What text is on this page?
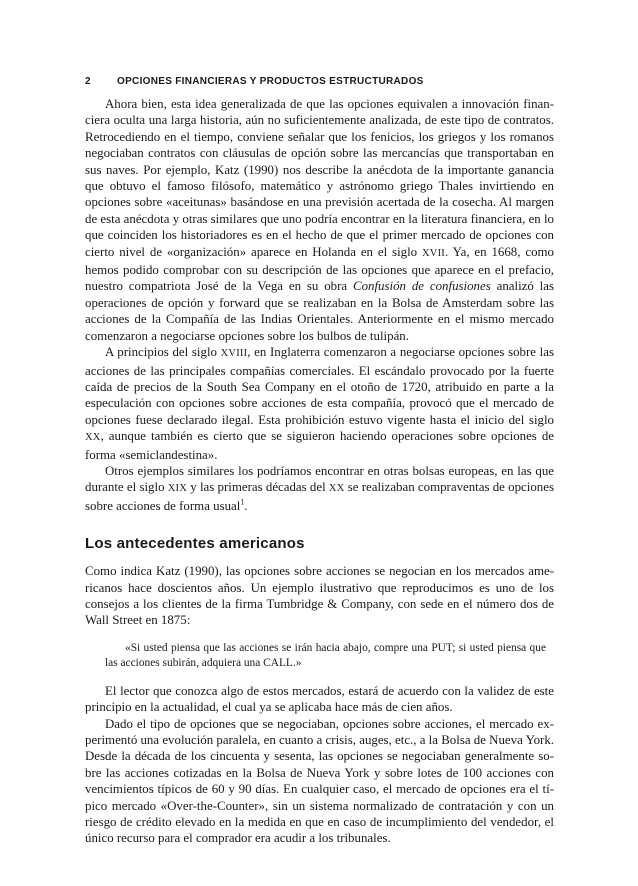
2	OPCIONES FINANCIERAS Y PRODUCTOS ESTRUCTURADOS

Ahora bien, esta idea generalizada de que las opciones equivalen a innovación financiera oculta una larga historia, aún no suficientemente analizada, de este tipo de contratos. Retrocediendo en el tiempo, conviene señalar que los fenicios, los griegos y los romanos negociaban contratos con cláusulas de opción sobre las mercancías que transportaban en sus naves. Por ejemplo, Katz (1990) nos describe la anécdota de la importante ganancia que obtuvo el famoso filósofo, matemático y astrónomo griego Thales invirtiendo en opciones sobre «aceitunas» basándose en una previsión acertada de la cosecha. Al margen de esta anécdota y otras similares que uno podría encontrar en la literatura financiera, en lo que coinciden los historiadores es en el hecho de que el primer mercado de opciones con cierto nivel de «organización» aparece en Holanda en el siglo XVII. Ya, en 1668, como hemos podido comprobar con su descripción de las opciones que aparece en el prefacio, nuestro compatriota José de la Vega en su obra Confusión de confusiones analizó las operaciones de opción y forward que se realizaban en la Bolsa de Amsterdam sobre las acciones de la Compañía de las Indias Orientales. Anteriormente en el mismo mercado comenzaron a negociarse opciones sobre los bulbos de tulipán.

A principios del siglo XVIII, en Inglaterra comenzaron a negociarse opciones sobre las acciones de las principales compañías comerciales. El escándalo provocado por la fuerte caída de precios de la South Sea Company en el otoño de 1720, atribuido en parte a la especulación con opciones sobre acciones de esta compañía, provocó que el mercado de opciones fuese declarado ilegal. Esta prohibición estuvo vigente hasta el inicio del siglo XX, aunque también es cierto que se siguieron haciendo operaciones sobre opciones de forma «semiclandestina».

Otros ejemplos similares los podríamos encontrar en otras bolsas europeas, en las que durante el siglo XIX y las primeras décadas del XX se realizaban compraventas de opciones sobre acciones de forma usual$^1$.

Los antecedentes americanos

Como indica Katz (1990), las opciones sobre acciones se negocian en los mercados americanos hace doscientos años. Un ejemplo ilustrativo que reproducimos es uno de los consejos a los clientes de la firma Tumbridge & Company, con sede en el número dos de Wall Street en 1875:

«Si usted piensa que las acciones se irán hacia abajo, compre una PUT; si usted piensa que las acciones subirán, adquiera una CALL.»

El lector que conozca algo de estos mercados, estará de acuerdo con la validez de este principio en la actualidad, el cual ya se aplicaba hace más de cien años.

Dado el tipo de opciones que se negociaban, opciones sobre acciones, el mercado experimentó una evolución paralela, en cuanto a crisis, auges, etc., a la Bolsa de Nueva York. Desde la década de los cincuenta y sesenta, las opciones se negociaban generalmente sobre las acciones cotizadas en la Bolsa de Nueva York y sobre lotes de 100 acciones con vencimientos típicos de 60 y 90 días. En cualquier caso, el mercado de opciones era el típico mercado «Over-the-Counter», sin un sistema normalizado de contratación y con un riesgo de crédito elevado en la medida en que en caso de incumplimiento del vendedor, el único recurso para el comprador era acudir a los tribunales.
